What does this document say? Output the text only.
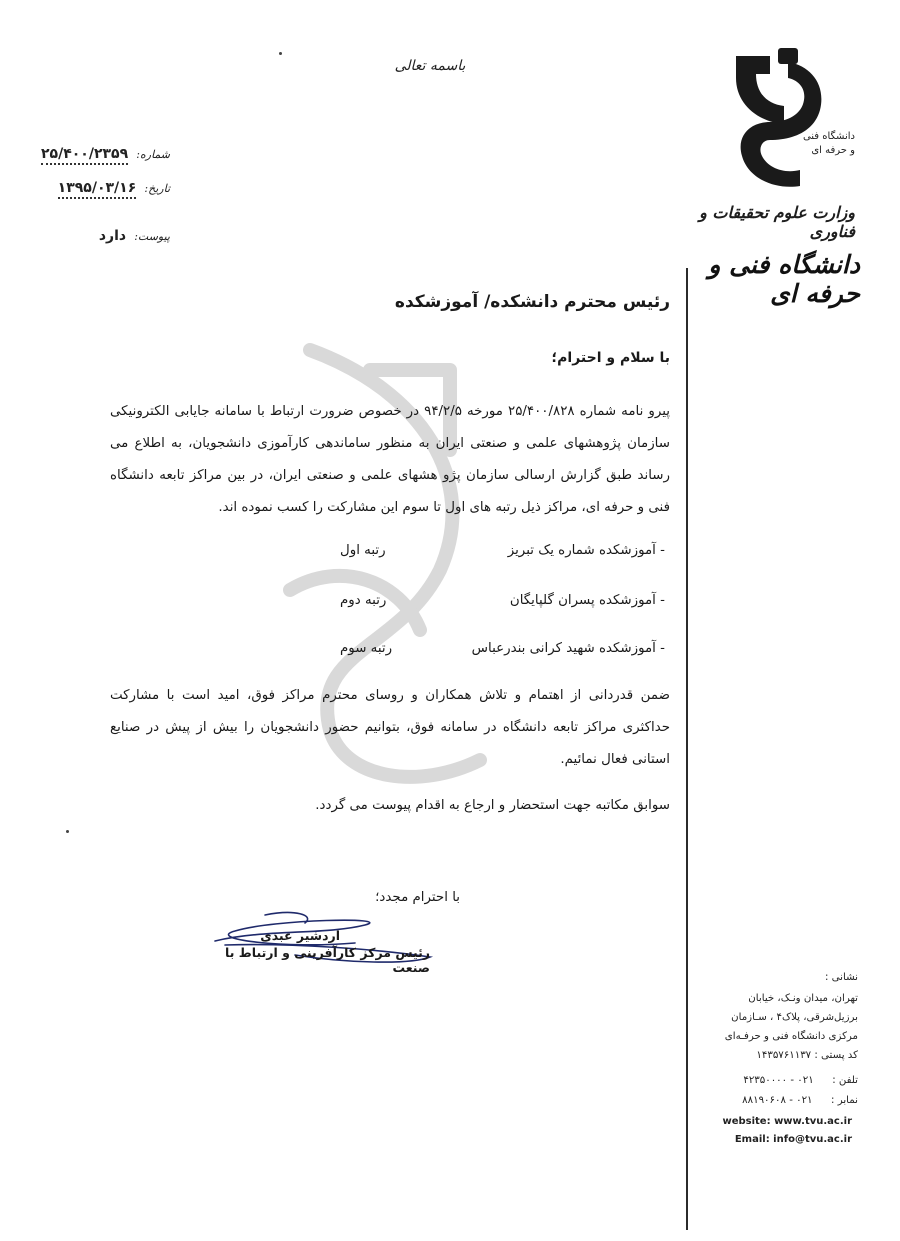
باسمه تعالی
دانشگاه فنی و حرفه ای
وزارت علوم تحقیقات و فناوری
دانشگاه فنی و حرفه ای
شماره: ۲۵/۴۰۰/۲۳۵۹
تاریخ: ۱۳۹۵/۰۳/۱۶
پیوست: دارد
رئیس محترم دانشکده/ آموزشکده
با سلام و احترام؛
پیرو نامه شماره ۲۵/۴۰۰/۸۲۸ مورخه ۹۴/۲/۵ در خصوص ضرورت ارتباط با سامانه جایابی الکترونیکی سازمان پژوهشهای علمی و صنعتی ایران به منظور ساماندهی کارآموزی دانشجویان، به اطلاع می رساند طبق گزارش ارسالی سازمان پژو هشهای علمی و صنعتی ایران، در بین مراکز تابعه دانشگاه فنی و حرفه ای، مراکز ذیل رتبه های اول تا سوم این مشارکت را کسب نموده اند.
- آموزشکده شماره یک تبریز
رتبه اول
- آموزشکده پسران گلپایگان
رتبه دوم
- آموزشکده شهید کرانی بندرعباس
رتبه سوم
ضمن قدردانی از اهتمام و تلاش همکاران و روسای محترم مراکز فوق، امید است با مشارکت حداکثری مراکز تابعه دانشگاه در سامانه فوق، بتوانیم حضور دانشجویان را بیش از پیش در صنایع استانی فعال نمائیم.
سوابق مکاتبه جهت استحضار و ارجاع به اقدام پیوست می گردد.
با احترام مجدد؛
اردشیر عبدی
رئیس مرکز کارآفرینی و ارتباط با صنعت
نشانی :
تهران، میدان ونـک، خیابان
برزیل‌شرقی، پلاک۴ ، سـازمان
مرکزی دانشگاه فنی و حرفـه‌ای
کد پستی : ۱۴۳۵۷۶۱۱۳۷
تلفن :  ۰۲۱ - ۴۲۳۵۰۰۰۰
نمابر :  ۰۲۱ - ۸۸۱۹۰۶۰۸
website: www.tvu.ac.ir
Email: info@tvu.ac.ir
